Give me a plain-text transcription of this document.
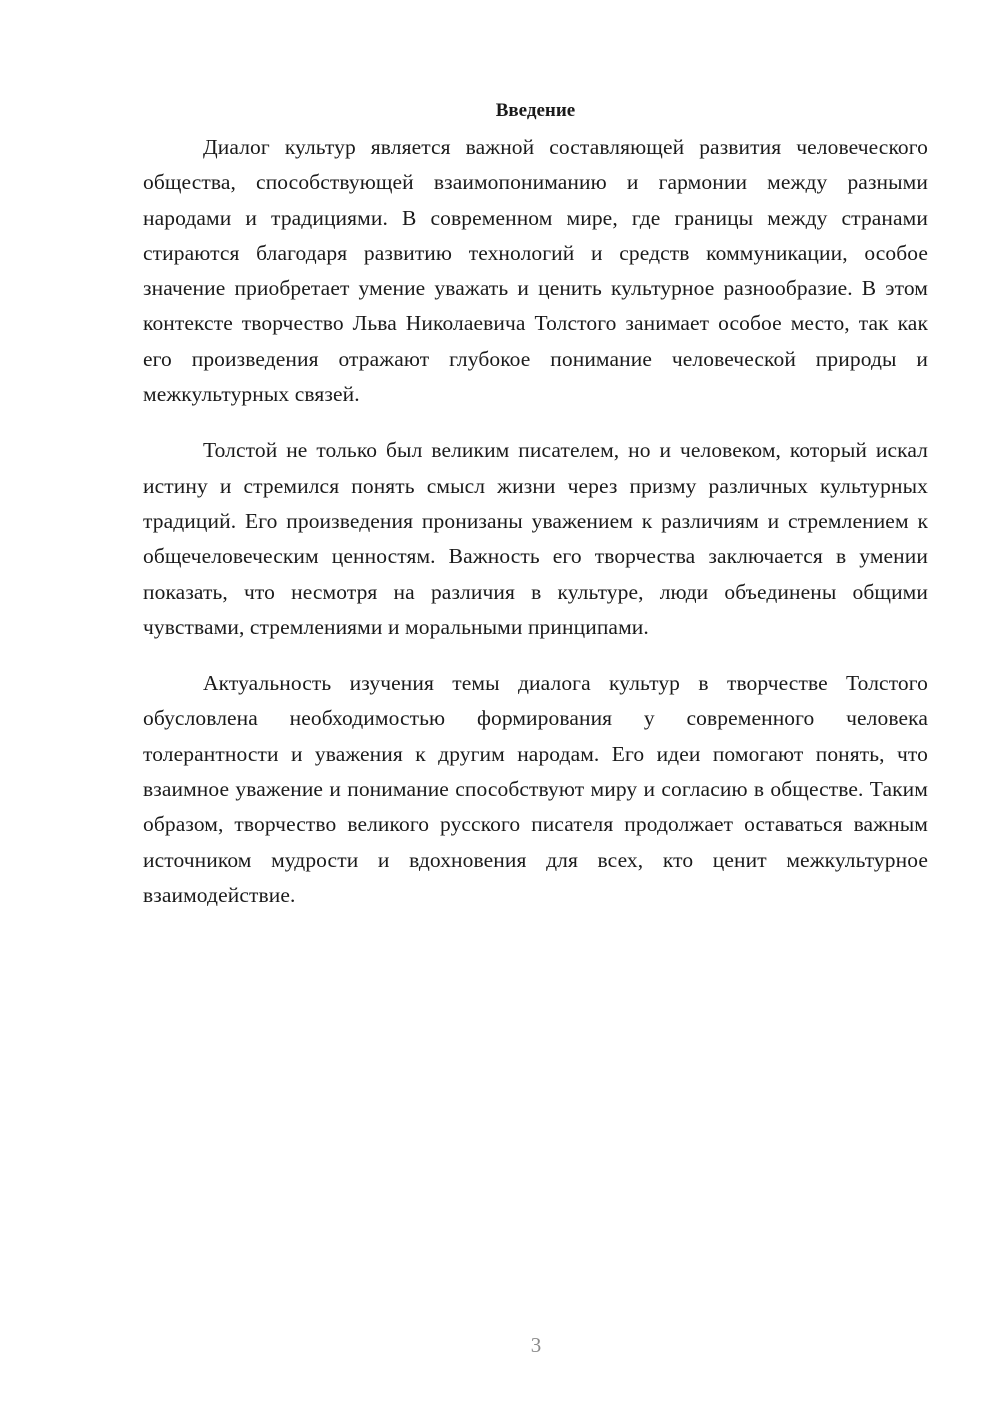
Введение

Диалог культур является важной составляющей развития человеческого общества, способствующей взаимопониманию и гармонии между разными народами и традициями. В современном мире, где границы между странами стираются благодаря развитию технологий и средств коммуникации, особое значение приобретает умение уважать и ценить культурное разнообразие. В этом контексте творчество Льва Николаевича Толстого занимает особое место, так как его произведения отражают глубокое понимание человеческой природы и межкультурных связей.

Толстой не только был великим писателем, но и человеком, который искал истину и стремился понять смысл жизни через призму различных культурных традиций. Его произведения пронизаны уважением к различиям и стремлением к общечеловеческим ценностям. Важность его творчества заключается в умении показать, что несмотря на различия в культуре, люди объединены общими чувствами, стремлениями и моральными принципами.

Актуальность изучения темы диалога культур в творчестве Толстого обусловлена необходимостью формирования у современного человека толерантности и уважения к другим народам. Его идеи помогают понять, что взаимное уважение и понимание способствуют миру и согласию в обществе. Таким образом, творчество великого русского писателя продолжает оставаться важным источником мудрости и вдохновения для всех, кто ценит межкультурное взаимодействие.

3
